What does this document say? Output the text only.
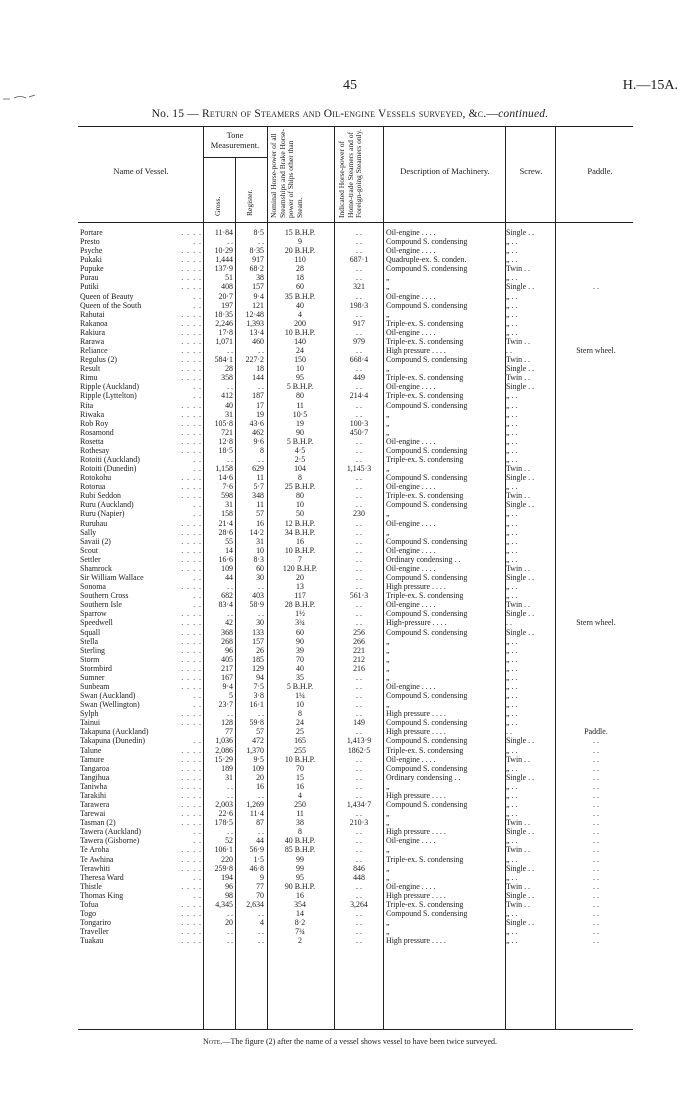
45	H.—15A.
No. 15 — Return of Steamers and Oil-engine Vessels surveyed, &c.—continued.
Name of Vessel.
Tone Measurement.
Gross.	Register. Nominal Horse-power of all Steamships and Brake Horse-power of Ships other than Steam.	Indicated Horse-power of Home-trade Steamers and of Foreign-going Steamers only.	Description of Machinery.	Screw.	Paddle.
Portare	. . . .	11·84	8·5	15 B.H.P.	. .	Oil-engine . . . .	Single . .
Presto	. .	. .	. .	9	. .	Compound S. condensing	„ . .
Psyche	. . . .	10·29	8·35	20 B.H.P.	. .	Oil-engine . . . .	„ . .
Pukaki	. . . .	1,444	917	110	687·1	Quadruple-ex. S. conden.	„ . .
Pupuke	. . . .	137·9	68·2	28	. .	Compound S. condensing	Twin . .
Purau	. . . .	51	38	18	. .	„	„ . .
Putiki	. . . .	408	157	60	321	„	Single . .	. .
Queen of Beauty	. .	20·7	9·4	35 B.H.P.	. .	Oil-engine . . . .	„ . .
Queen of the South	. .	197	121	40	198·3	Compound S. condensing	„ . .
Rahutai	. . . .	18·35	12·48	4	. .	„	„ . .
Rakanoa	. . . .	2,246	1,393	200	917	Triple-ex. S. condensing	„ . .
Rakiura	. . . .	17·8	13·4	10 B.H.P.	. .	Oil-engine . . . .	„ . .
Rarawa	. . . .	1,071	460	140	979	Triple-ex. S. condensing	Twin . .
Reliance	. . . .	. .	. .	24	. .	High pressure . . . .	. .	Stern wheel.
Regulus (2)	. . . .	584·1	227·2	150	668·4	Compound S. condensing	Twin . .
Result	. . . .	28	18	10	. .	„	Single . .
Rimu	. . . .	358	144	95	449	Triple-ex. S. condensing	Twin . .
Ripple (Auckland)	. .	. .	. .	5 B.H.P.	. .	Oil-engine . . . .	Single . .
Ripple (Lyttelton)	. .	412	187	80	214·4	Triple-ex. S. condensing	„ . .
Rita	. . . .	40	17	11	. .	Compound S. condensing	„ . .
Riwaka	. . . .	31	19	10·5	. .	„	„ . .
Rob Roy	. . . .	105·8	43·6	19	100·3	„	„ . .
Rosamond	. . . .	721	462	90	450·7	„	„ . .
Rosetta	. . . .	12·8	9·6	5 B.H.P.	. .	Oil-engine . . . .	„ . .
Rothesay	. . . .	18·5	8	4·5	. .	Compound S. condensing	„ . .
Rotoiti (Auckland)	. .	. .	. .	2·5	. .	Triple-ex. S. condensing	„ . .
Rotoiti (Dunedin)	. .	1,158	629	104	1,145·3	„	Twin . .
Rotokohu	. . . .	14·6	11	8	. .	Compound S. condensing	Single . .
Rotorua	. . . .	7·6	5·7	25 B.H.P.	. .	Oil-engine . . . .	„ . .
Rubi Seddon	. . . .	598	348	80	. .	Triple-ex. S. condensing	Twin . .
Ruru (Auckland)	. .	31	11	10	. .	Compound S. condensing	Single . .
Ruru (Napier)	. .	158	57	50	230	„	„ . .
Ruruhau	. . . .	21·4	16	12 B.H.P.	. .	Oil-engine . . . .	„ . .
Sally	. . . .	28·6	14·2	34 B.H.P.	. .	„	„ . .
Savaii (2)	. . . .	55	31	16	. .	Compound S. condensing	„ . .
Scout	. . . .	14	10	10 B.H.P.	. .	Oil-engine . . . .	„ . .
Settler	. . . .	16·6	8·3	7	. .	Ordinary condensing . .	„ . .
Shamrock	. . . .	109	60	120 B.H.P.	. .	Oil-engine . . . .	Twin . .
Sir William Wallace	. .	44	30	20	. .	Compound S. condensing	Single . .
Sonoma	. . . .	. .	. .	13	. .	High pressure . . . .	„ . .
Southern Cross	. .	682	403	117	561·3	Triple-ex. S. condensing	„ . .
Southern Isle	. .	83·4	58·9	28 B.H.P.	. .	Oil-engine . . . .	Twin . .
Sparrow	. . . .	. .	. .	1½	. .	Compound S. condensing	Single . .
Speedwell	. . . .	42	30	3¾	. .	High-pressure . . . .	. .	Stern wheel.
Squall	. . . .	368	133	60	256	Compound S. condensing	Single . .
Stella	. . . .	268	157	90	266	„	„ . .
Sterling	. . . .	96	26	39	221	„	„ . .
Storm	. . . .	405	185	70	212	„	„ . .
Stormbird	. . . .	217	129	40	216	„	„ . .
Sumner	. . . .	167	94	35	. .	„	„ . .
Sunbeam	. . . .	9·4	7·5	5 B.H.P.	. .	Oil-engine . . . .	„ . .
Swan (Auckland)	. .	5	3·8	1¼	. .	Compound S. condensing	„ . .
Swan (Wellington)	. .	23·7	16·1	10	. .	„	„ . .
Sylph	. . . .	. .	. .	8	. .	High pressure . . . .	„ . .
Tainui	. . . .	128	59·8	24	149	Compound S. condensing	„ . .
Takapuna (Auckland)	77	57	25	. .	High pressure . . . .	. .	Paddle.
Takapuna (Dunedin)	. .	1,036	472	165	1,413·9	Compound S. condensing	Single . .	. .
Talune	. . . .	2,086	1,370	255	1862·5	Triple-ex. S. condensing	„ . .	. .
Tamure	. . . .	15·29	9·5	10 B.H.P.	. .	Oil-engine . . . .	Twin . .	. .
Tangaroa	. . . .	189	109	70	. .	Compound S. condensing	„ . .	. .
Tangihua	. . . .	31	20	15	. .	Ordinary condensing . .	Single . .	. .
Taniwha	. . . .	. .	16	16	. .	„	„ . .	. .
Tarakihi	. . . .	. .	. .	4	. .	High pressure . . . .	„ . .	. .
Tarawera	. . . .	2,003	1,269	250	1,434·7	Compound S. condensing	„ . .	. .
Tarewai	. . . .	22·6	11·4	11	. .	„	„ . .	. .
Tasman (2)	. . . .	178·5	87	38	210·3	„	Twin . .	. .
Tawera (Auckland)	. .	. .	. .	8	. .	High pressure . . . .	Single . .	. .
Tawera (Gisborne)	. .	52	44	40 B.H.P.	. .	Oil-engine . . . .	„ . .	. .
Te Aroha	. . . .	106·1	56·9	85 B.H.P.	. .	„	Twin . .	. .
Te Awhina	. . . .	220	1·5	99	. .	Triple-ex. S. condensing	„ . .	. .
Terawhiti	. . . .	259·8	46·8	99	846	„	Single . .	. .
Theresa Ward	. .	194	9	95	448	„	„ . .	. .
Thistle	. . . .	96	77	90 B.H.P.	. .	Oil-engine . . . .	Twin . .	. .
Thomas King	. .	98	70	16	. .	High pressure . . . .	Single . .	. .
Tofua	. . . .	4,345	2,634	354	3,264	Triple-ex. S. condensing	Twin . .	. .
Togo	. . . .	. .	. .	14	. .	Compound S. condensing	„ . .	. .
Tongariro	. . . .	20	4	8·2	. .	„	Single . .	. .
Traveller	. . . .	. .	. .	7¾	. .	„	„ . .	. .
Tuakau	. . . .	. .	. .	2	. .	High pressure . . . .	„ . .	. .
Note.—The figure (2) after the name of a vessel shows vessel to have been twice surveyed.
